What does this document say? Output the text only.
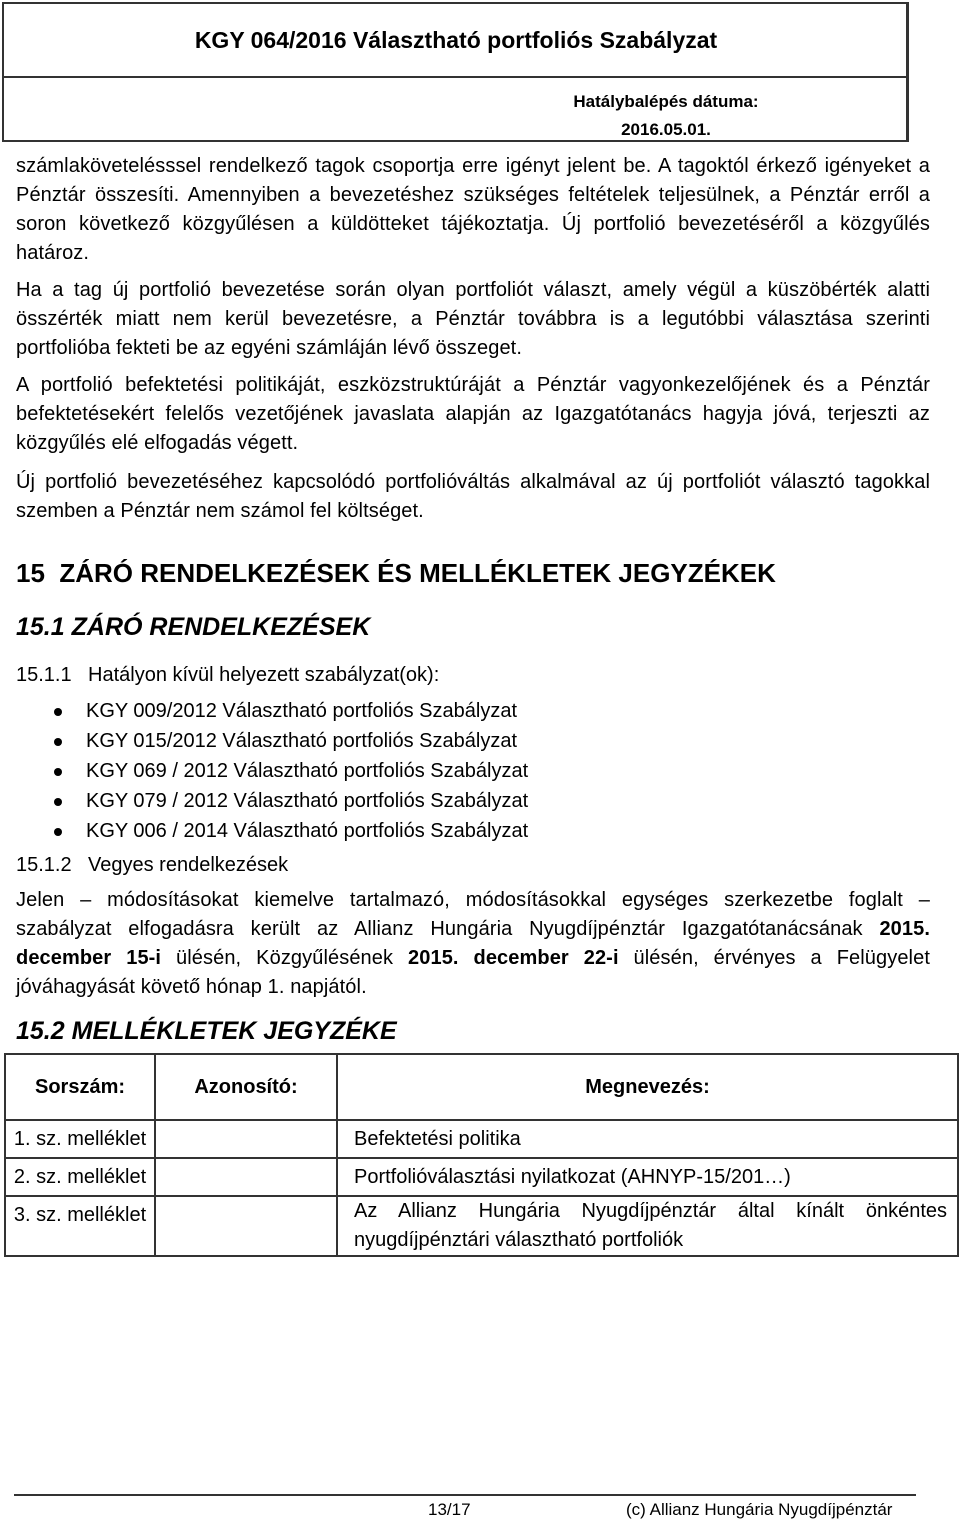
KGY 064/2016 Választható portfoliós Szabályzat
Hatálybalépés dátuma:
2016.05.01.

számlakövetelésssel rendelkező tagok csoportja erre igényt jelent be. A tagoktól érkező igényeket a Pénztár összesíti. Amennyiben a bevezetéshez szükséges feltételek teljesülnek, a Pénztár erről a soron következő közgyűlésen a küldötteket tájékoztatja. Új portfolió bevezetéséről a közgyűlés határoz.

Ha a tag új portfolió bevezetése során olyan portfoliót választ, amely végül a küszöbérték alatti összérték miatt nem kerül bevezetésre, a Pénztár továbbra is a legutóbbi választása szerinti portfolióba fekteti be az egyéni számláján lévő összeget.

A portfolió befektetési politikáját, eszközstruktúráját a Pénztár vagyonkezelőjének és a Pénztár befektetésekért felelős vezetőjének javaslata alapján az Igazgatótanács hagyja jóvá, terjeszti az közgyűlés elé elfogadás végett.

Új portfolió bevezetéséhez kapcsolódó portfolióváltás alkalmával az új portfoliót választó tagokkal szemben a Pénztár nem számol fel költséget.

15  ZÁRÓ RENDELKEZÉSEK ÉS MELLÉKLETEK JEGYZÉKEK
15.1 ZÁRÓ RENDELKEZÉSEK
15.1.1 Hatályon kívül helyezett szabályzat(ok):
KGY 009/2012 Választható portfoliós Szabályzat
KGY 015/2012 Választható portfoliós Szabályzat
KGY 069 / 2012 Választható portfoliós Szabályzat
KGY 079 / 2012 Választható portfoliós Szabályzat
KGY 006 / 2014 Választható portfoliós Szabályzat
15.1.2 Vegyes rendelkezések

Jelen – módosításokat kiemelve tartalmazó, módosításokkal egységes szerkezetbe foglalt – szabályzat elfogadásra került az Allianz Hungária Nyugdíjpénztár Igazgatótanácsának 2015. december 15-i ülésén, Közgyűlésének 2015. december 22-i ülésén, érvényes a Felügyelet jóváhagyását követő hónap 1. napjától.

15.2 MELLÉKLETEK JEGYZÉKE
Sorszám:	Azonosító:	Megnevezés:
1. sz. melléklet		Befektetési politika
2. sz. melléklet		Portfolióválasztási nyilatkozat (AHNYP-15/201…)
3. sz. melléklet		Az Allianz Hungária Nyugdíjpénztár által kínált önkéntes nyugdíjpénztári választható portfoliók
13/17	(c) Allianz Hungária Nyugdíjpénztár
